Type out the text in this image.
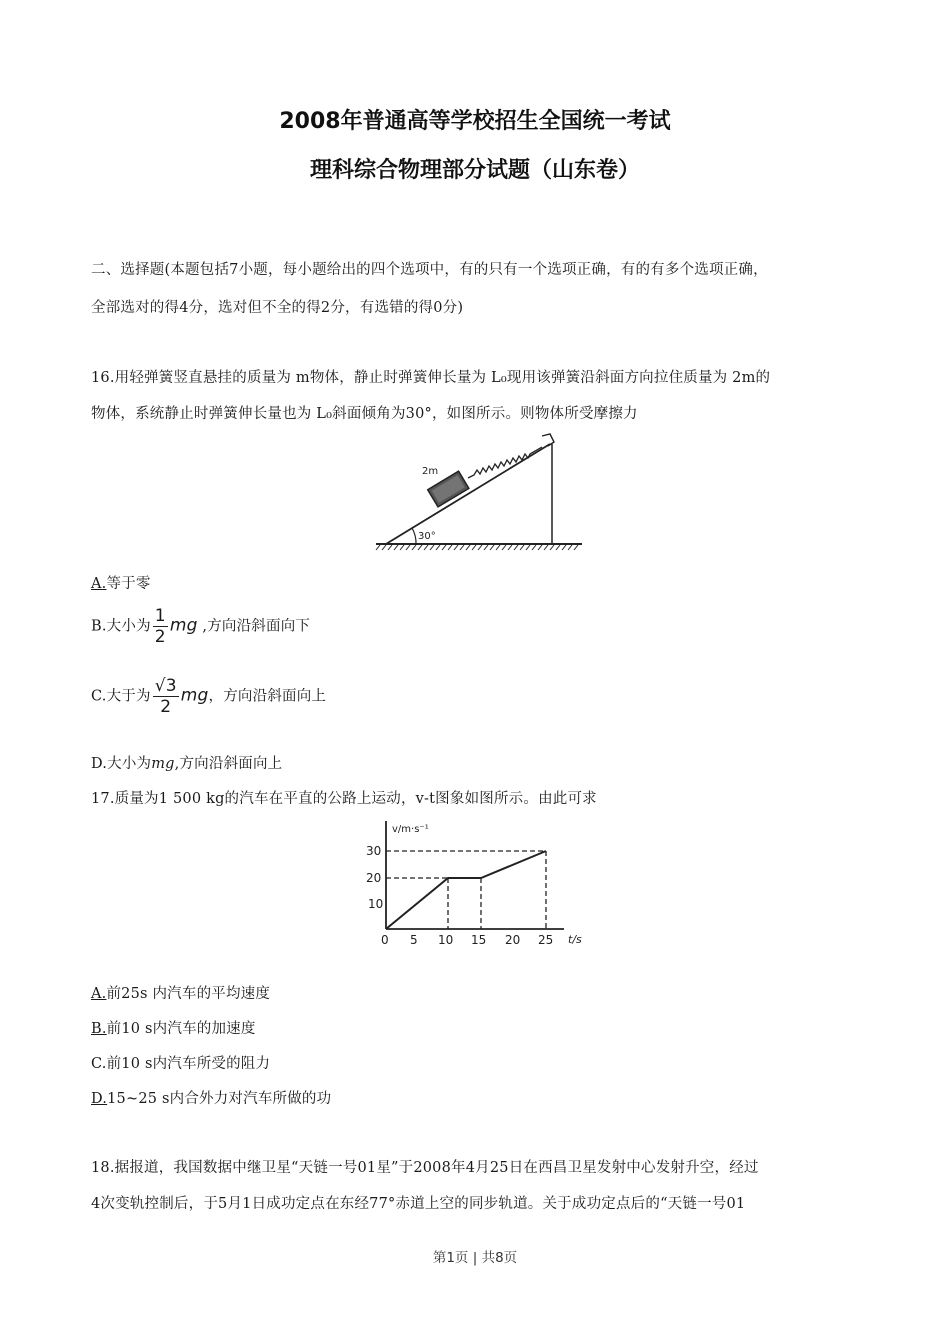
2008年普通高等学校招生全国统一考试
理科综合物理部分试题（山东卷）
二、选择题(本题包括7小题，每小题给出的四个选项中，有的只有一个选项正确，有的有多个选项正确，
全部选对的得4分，选对但不全的得2分，有选错的得0分)
16.用轻弹簧竖直悬挂的质量为 m物体，静止时弹簧伸长量为 L₀现用该弹簧沿斜面方向拉住质量为 2m的
物体，系统静止时弹簧伸长量也为 L₀斜面倾角为30°，如图所示。则物体所受摩擦力
30°
2m
A.等于零
B.大小为 $\frac{1}{2}$ mg ,方向沿斜面向下
C.大于为 $\frac{√3}{2}$ mg，方向沿斜面向上
D.大小为mg,方向沿斜面向上
17.质量为1 500 kg的汽车在平直的公路上运动，v-t图象如图所示。由此可求
v/m·s⁻¹
t/s
30
20
10
0 5 10 15 20 25
A.前25s 内汽车的平均速度
B.前10 s内汽车的加速度
C.前10 s内汽车所受的阻力
D.15~25 s内合外力对汽车所做的功
18.据报道，我国数据中继卫星“天链一号01星”于2008年4月25日在西昌卫星发射中心发射升空，经过
4次变轨控制后，于5月1日成功定点在东经77°赤道上空的同步轨道。关于成功定点后的“天链一号01
第1页 | 共8页
